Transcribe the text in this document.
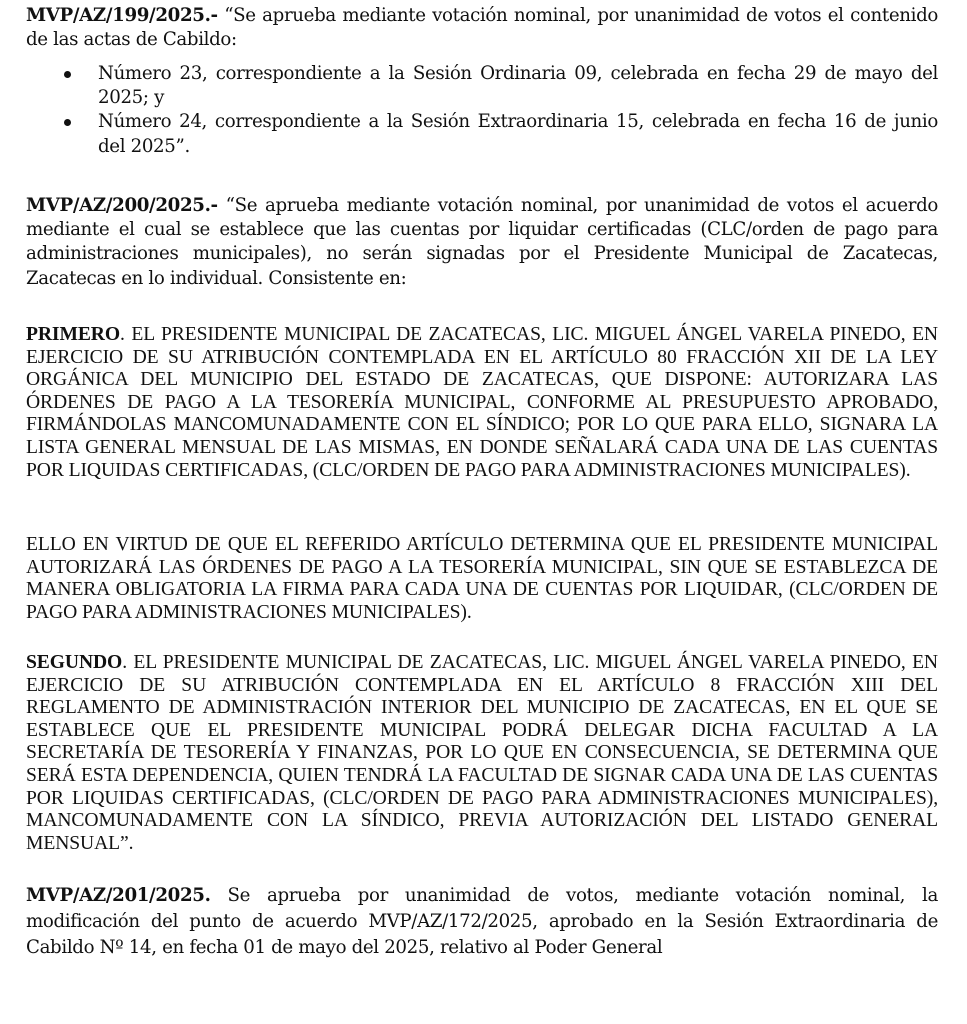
MVP/AZ/199/2025.- “Se aprueba mediante votación nominal, por unanimidad de votos el contenido de las actas de Cabildo:

Número 23, correspondiente a la Sesión Ordinaria 09, celebrada en fecha 29 de mayo del 2025; y
Número 24, correspondiente a la Sesión Extraordinaria 15, celebrada en fecha 16 de junio del 2025”.

MVP/AZ/200/2025.- “Se aprueba mediante votación nominal, por unanimidad de votos el acuerdo mediante el cual se establece que las cuentas por liquidar certificadas (CLC/orden de pago para administraciones municipales), no serán signadas por el Presidente Municipal de Zacatecas, Zacatecas en lo individual. Consistente en:

PRIMERO. EL PRESIDENTE MUNICIPAL DE ZACATECAS, LIC. MIGUEL ÁNGEL VARELA PINEDO, EN EJERCICIO DE SU ATRIBUCIÓN CONTEMPLADA EN EL ARTÍCULO 80 FRACCIÓN XII DE LA LEY ORGÁNICA DEL MUNICIPIO DEL ESTADO DE ZACATECAS, QUE DISPONE: AUTORIZARA LAS ÓRDENES DE PAGO A LA TESORERÍA MUNICIPAL, CONFORME AL PRESUPUESTO APROBADO, FIRMÁNDOLAS MANCOMUNADAMENTE CON EL SÍNDICO; POR LO QUE PARA ELLO, SIGNARA LA LISTA GENERAL MENSUAL DE LAS MISMAS, EN DONDE SEÑALARÁ CADA UNA DE LAS CUENTAS POR LIQUIDAS CERTIFICADAS, (CLC/ORDEN DE PAGO PARA ADMINISTRACIONES MUNICIPALES).

ELLO EN VIRTUD DE QUE EL REFERIDO ARTÍCULO DETERMINA QUE EL PRESIDENTE MUNICIPAL AUTORIZARÁ LAS ÓRDENES DE PAGO A LA TESORERÍA MUNICIPAL, SIN QUE SE ESTABLEZCA DE MANERA OBLIGATORIA LA FIRMA PARA CADA UNA DE CUENTAS POR LIQUIDAR, (CLC/ORDEN DE PAGO PARA ADMINISTRACIONES MUNICIPALES).

SEGUNDO. EL PRESIDENTE MUNICIPAL DE ZACATECAS, LIC. MIGUEL ÁNGEL VARELA PINEDO, EN EJERCICIO DE SU ATRIBUCIÓN CONTEMPLADA EN EL ARTÍCULO 8 FRACCIÓN XIII DEL REGLAMENTO DE ADMINISTRACIÓN INTERIOR DEL MUNICIPIO DE ZACATECAS, EN EL QUE SE ESTABLECE QUE EL PRESIDENTE MUNICIPAL PODRÁ DELEGAR DICHA FACULTAD A LA SECRETARÍA DE TESORERÍA Y FINANZAS, POR LO QUE EN CONSECUENCIA, SE DETERMINA QUE SERÁ ESTA DEPENDENCIA, QUIEN TENDRÁ LA FACULTAD DE SIGNAR CADA UNA DE LAS CUENTAS POR LIQUIDAS CERTIFICADAS, (CLC/ORDEN DE PAGO PARA ADMINISTRACIONES MUNICIPALES), MANCOMUNADAMENTE CON LA SÍNDICO, PREVIA AUTORIZACIÓN DEL LISTADO GENERAL MENSUAL”.

MVP/AZ/201/2025. Se aprueba por unanimidad de votos, mediante votación nominal, la modificación del punto de acuerdo MVP/AZ/172/2025, aprobado en la Sesión Extraordinaria de Cabildo Nº 14, en fecha 01 de mayo del 2025, relativo al Poder General
